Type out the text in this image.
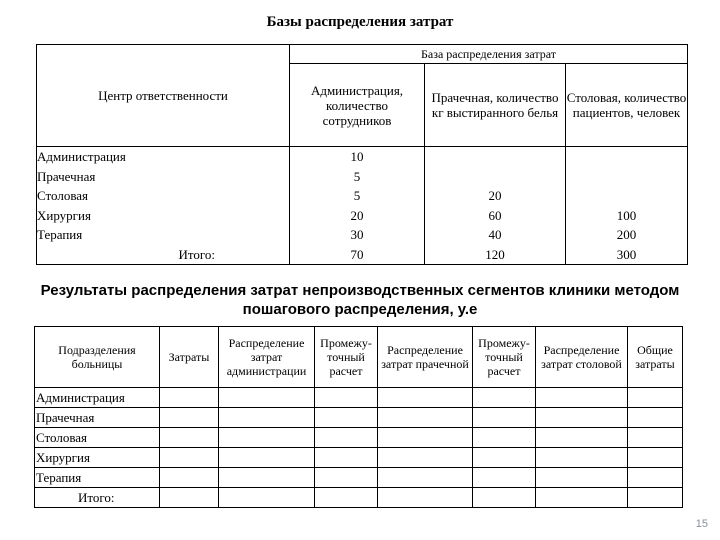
Базы распределения затрат
Центр ответственности	База распределения затрат		
	Администрация, количество сотрудников	Прачечная, количество кг выстиранного белья	Столовая, количество пациентов, человек
Администрация	10		
Прачечная	5		
Столовая	5	20	
Хирургия	20	60	100
Терапия	30	40	200
Итого:	70	120	300
Результаты распределения затрат непроизводственных сегментов клиники методом пошагового распределения, у.е
Подразделения больницы	Затраты	Распределение затрат администрации	Промежу-точный расчет	Распределение затрат прачечной	Промежу-точный расчет	Распределение затрат столовой	Общие затраты
Администрация							
Прачечная							
Столовая							
Хирургия							
Терапия							
Итого:							
15
